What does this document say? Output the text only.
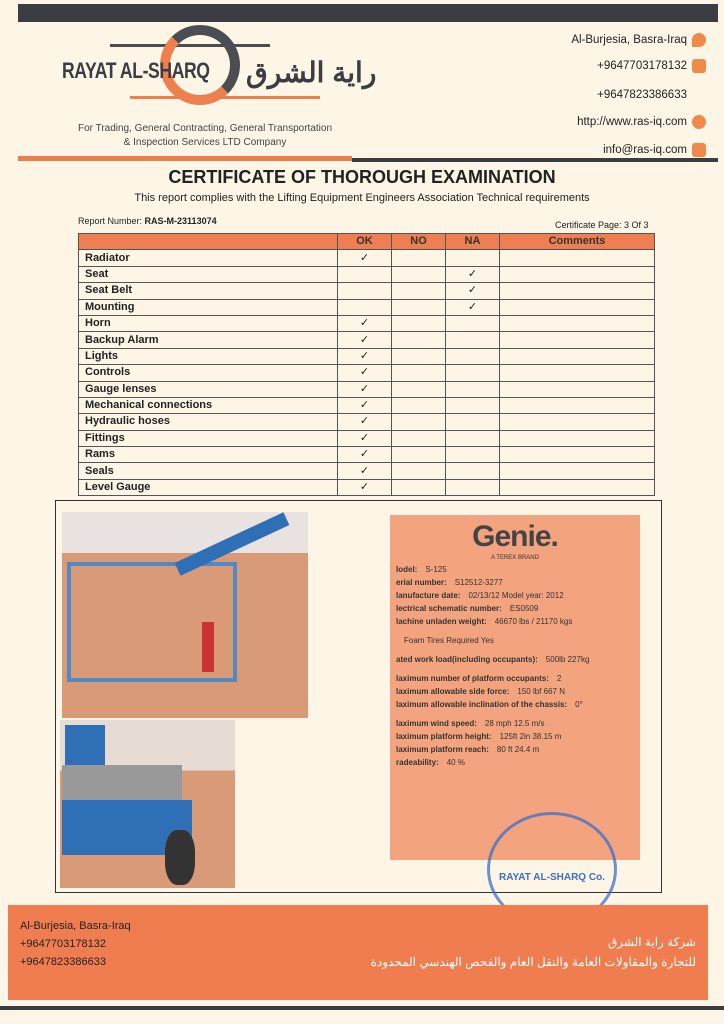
RAYAT AL-SHARQ راية الشرق
For Trading, General Contracting, General Transportation
& Inspection Services LTD Company
Al-Burjesia, Basra-Iraq
+9647703178132
+9647823386633
http://www.ras-iq.com
info@ras-iq.com
CERTIFICATE OF THOROUGH EXAMINATION
This report complies with the Lifting Equipment Engineers Association Technical requirements
Report Number: RAS-M-23113074	Certificate Page: 3 Of 3
	OK	NO	NA	Comments
Radiator	✓			
Seat			✓	
Seat Belt			✓	
Mounting			✓	
Horn	✓			
Backup Alarm	✓			
Lights	✓			
Controls	✓			
Gauge lenses	✓			
Mechanical connections	✓			
Hydraulic hoses	✓			
Fittings	✓			
Rams	✓			
Seals	✓			
Level Gauge	✓			
Genie.
A TEREX BRAND

lodel: S-125

erial number: S12512-3277

lanufacture date: 02/13/12 Model year: 2012

lectrical schematic number: ES0509

lachine unladen weight: 46670 lbs / 21170 kgs

Foam Tires Required Yes

ated work load(including occupants): 500lb 227kg

laximum number of platform occupants: 2

laximum allowable side force: 150 lbf 667 N

laximum allowable inclination of the chassis: 0°

laximum wind speed: 28 mph 12.5 m/s

laximum platform height: 125ft 2in 38.15 m

laximum platform reach: 80 ft 24.4 m

radeability: 40 %

RAYAT AL-SHARQ Co.
Al-Burjesia, Basra-Iraq
+9647703178132
+9647823386633
شركة راية الشرق
للتجارة والمقاولات العامة والنقل العام والفحص الهندسي المحدودة
